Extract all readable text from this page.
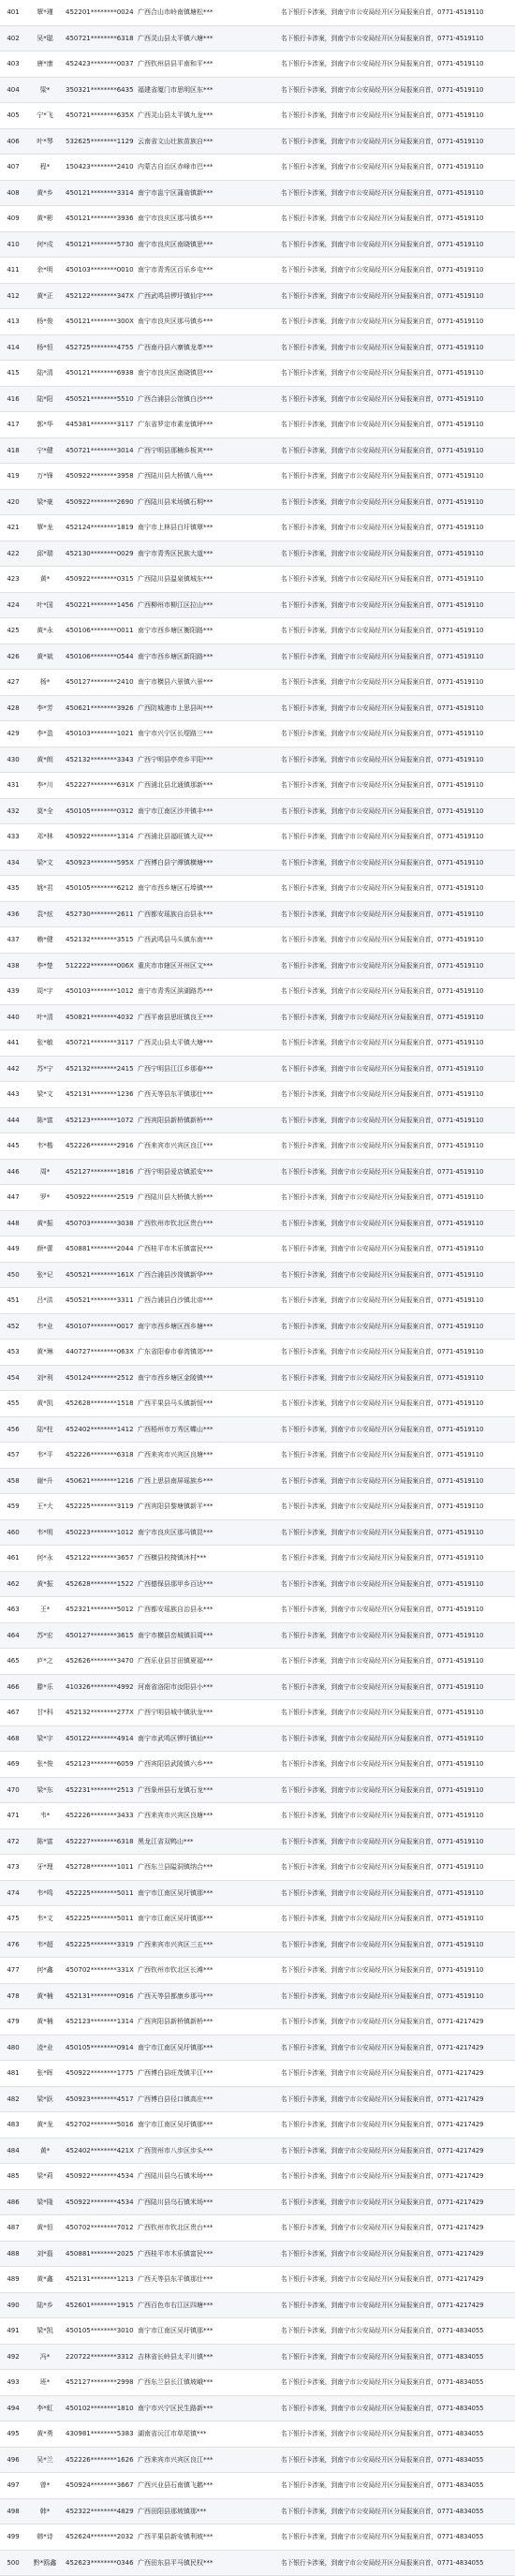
401	覃*瑾	452201********0024	广西合山市岭南镇塘松***	名下银行卡涉案，到南宁市公安局经开区分局报案自首，0771-4519110
402	吴*聪	450721********6318	广西灵山县太平镇六塘***	名下银行卡涉案，到南宁市公安局经开区分局报案自首，0771-4519110
403	唐*康	452423********0037	广西钦州县县平南和平***	名下银行卡涉案，到南宁市公安局经开区分局报案自首，0771-4519110
404	梁*	350321********6435	福建省厦门市思明区东***	名下银行卡涉案，到南宁市公安局经开区分局报案自首，0771-4519110
405	宁*飞	450721********635X	广西灵山县太平镇九龙***	名下银行卡涉案，到南宁市公安局经开区分局报案自首，0771-4519110
406	叶*琴	532625********1129	云南省文山壮族苗族自***	名下银行卡涉案，到南宁市公安局经开区分局报案自首，0771-4519110
407	程*	150423********2410	内蒙古自治区赤峰市巴***	名下银行卡涉案，到南宁市公安局经开区分局报案自首，0771-4519110
408	黄*乡	450121********3314	南宁市邕宁区蒲庙镇新***	名下银行卡涉案，到南宁市公安局经开区分局报案自首，0771-4519110
409	黄*彬	450121********3936	南宁市良庆区那马镇乡***	名下银行卡涉案，到南宁市公安局经开区分局报案自首，0771-4519110
410	何*戍	450121********5730	南宁市良庆区南晓镇思***	名下银行卡涉案，到南宁市公安局经开区分局报案自首，0771-4519110
411	余*明	450103********0010	南宁市青秀区百乐乡屯***	名下银行卡涉案，到南宁市公安局经开区分局报案自首，0771-4519110
412	黄*正	452122********347X	广西武鸣县锣圩镇仙宇***	名下银行卡涉案，到南宁市公安局经开区分局报案自首，0771-4519110
413	杨*俊	450121********300X	南宁市良庆区那马镇乡***	名下银行卡涉案，到南宁市公安局经开区分局报案自首，0771-4519110
414	杨*恒	452725********4755	广西南丹县六寨镇龙革***	名下银行卡涉案，到南宁市公安局经开区分局报案自首，0771-4519110
415	陆*清	450121********6938	南宁市良庆区南晓镇邑***	名下银行卡涉案，到南宁市公安局经开区分局报案自首，0771-4519110
416	陆*阳	450521********5510	广西合浦县公馆镇白沙***	名下银行卡涉案，到南宁市公安局经开区分局报案自首，0771-4519110
417	郭*华	445381********3117	广东省罗定市素龙镇坪***	名下银行卡涉案，到南宁市公安局经开区分局报案自首，0771-4519110
418	宁*健	450721********3014	广西宁明县那楠乡板其***	名下银行卡涉案，到南宁市公安局经开区分局报案自首，0771-4519110
419	万*锋	450922********3958	广西陆川县大桥镇八角***	名下银行卡涉案，到南宁市公安局经开区分局报案自首，0771-4519110
420	梁*豪	450922********2690	广西陆川县米场镇石垌***	名下银行卡涉案，到南宁市公安局经开区分局报案自首，0771-4519110
421	覃*龙	452124********1819	南宁市上林县白圩镇覃***	名下银行卡涉案，到南宁市公安局经开区分局报案自首，0771-4519110
422	邱*瑞	452130********0029	南宁市青秀区民族大道***	名下银行卡涉案，到南宁市公安局经开区分局报案自首，0771-4519110
423	黄*	450922********0315	广西陆川县温泉镇城东***	名下银行卡涉案，到南宁市公安局经开区分局报案自首，0771-4519110
424	叶*国	450221********1456	广西柳州市柳江区拉山***	名下银行卡涉案，到南宁市公安局经开区分局报案自首，0771-4519110
425	黄*永	450106********0011	南宁市西乡塘区衡阳路***	名下银行卡涉案，到南宁市公安局经开区分局报案自首，0771-4519110
426	黄*斌	450106********0544	南宁市西乡塘区新阳路***	名下银行卡涉案，到南宁市公安局经开区分局报案自首，0771-4519110
427	杨*	450127********2410	南宁市横县六景镇六景***	名下银行卡涉案，到南宁市公安局经开区分局报案自首，0771-4519110
428	李*芳	450621********3926	广西防城港市上思县叫***	名下银行卡涉案，到南宁市公安局经开区分局报案自首，0771-4519110
429	李*盈	450103********1021	南宁市兴宁区长堽路三***	名下银行卡涉案，到南宁市公安局经开区分局报案自首，0771-4519110
430	黄*朗	452132********3343	广西宁明县亭亮乡平阳***	名下银行卡涉案，到南宁市公安局经开区分局报案自首，0771-4519110
431	李*川	452227********631X	广西浦北县北通镇那新***	名下银行卡涉案，到南宁市公安局经开区分局报案自首，0771-4519110
432	莫*全	450105********0312	南宁市江南区沙井镇丰***	名下银行卡涉案，到南宁市公安局经开区分局报案自首，0771-4519110
433	邓*林	450922********1314	广西浦北县福旺镇大双***	名下银行卡涉案，到南宁市公安局经开区分局报案自首，0771-4519110
434	梁*文	450923********595X	广西博白县宁潭镇横塘***	名下银行卡涉案，到南宁市公安局经开区分局报案自首，0771-4519110
435	姚*君	450105********6212	南宁市西乡塘区石埠镇***	名下银行卡涉案，到南宁市公安局经开区分局报案自首，0771-4519110
436	袁*炫	452730********2611	广西都安瑶族自治县永***	名下银行卡涉案，到南宁市公安局经开区分局报案自首，0771-4519110
437	赖*健	452132********3515	广西武鸣县马头镇东南***	名下银行卡涉案，到南宁市公安局经开区分局报案自首，0771-4519110
438	李*楚	512222********006X	重庆市市辖区开州区文***	名下银行卡涉案，到南宁市公安局经开区分局报案自首，0771-4519110
439	周*宇	450103********1012	南宁市青秀区滨湖路苏***	名下银行卡涉案，到南宁市公安局经开区分局报案自首，0771-4519110
440	叶*清	450821********4032	广西平南县思旺镇良王***	名下银行卡涉案，到南宁市公安局经开区分局报案自首，0771-4519110
441	张*敏	450721********3117	广西灵山县太平镇大塘***	名下银行卡涉案，到南宁市公安局经开区分局报案自首，0771-4519110
442	苏*宁	452132********2415	广西宁明县江江乡那春***	名下银行卡涉案，到南宁市公安局经开区分局报案自首，0771-4519110
443	梁*文	452131********1236	广西天等县东平镇那仕***	名下银行卡涉案，到南宁市公安局经开区分局报案自首，0771-4519110
444	陈*富	452123********1072	广西宾阳县新桥镇新桥***	名下银行卡涉案，到南宁市公安局经开区分局报案自首，0771-4519110
445	韦*楷	452226********2916	广西来宾市兴宾区良江***	名下银行卡涉案，到南宁市公安局经开区分局报案自首，0771-4519110
446	周*	452127********1816	广西宁明县爱店镇派安***	名下银行卡涉案，到南宁市公安局经开区分局报案自首，0771-4519110
447	罗*	450922********2519	广西陆川县大桥镇大桥***	名下银行卡涉案，到南宁市公安局经开区分局报案自首，0771-4519110
448	黄*振	450703********3038	广西钦州市钦北区贵台***	名下银行卡涉案，到南宁市公安局经开区分局报案自首，0771-4519110
449	颜*蕾	450881********2044	广西桂平市木乐镇富民***	名下银行卡涉案，到南宁市公安局经开区分局报案自首，0771-4519110
450	张*记	450521********161X	广西合浦县沙岗镇新华***	名下银行卡涉案，到南宁市公安局经开区分局报案自首，0771-4519110
451	吕*洪	450521********3311	广西合浦县白沙镇北帝***	名下银行卡涉案，到南宁市公安局经开区分局报案自首，0771-4519110
452	韦*业	450107********0017	南宁市西乡塘区西乡塘***	名下银行卡涉案，到南宁市公安局经开区分局报案自首，0771-4519110
453	黄*琳	440727********063X	广东省阳春市春湾镇郊***	名下银行卡涉案，到南宁市公安局经开区分局报案自首，0771-4519110
454	刘*利	450124********2512	南宁市西乡塘区金陵镇***	名下银行卡涉案，到南宁市公安局经开区分局报案自首，0771-4519110
455	黄*凯	452628********1518	广西平果县马头镇新恒***	名下银行卡涉案，到南宁市公安局经开区分局报案自首，0771-4519110
456	陆*柱	452402********1412	广西梧州市万秀区蝶山***	名下银行卡涉案，到南宁市公安局经开区分局报案自首，0771-4519110
457	韦*平	452226********6318	广西来宾市兴宾区良塘***	名下银行卡涉案，到南宁市公安局经开区分局报案自首，0771-4519110
458	谢*升	450621********1216	广西上思县南屏瑶族乡***	名下银行卡涉案，到南宁市公安局经开区分局报案自首，0771-4519110
459	王*大	452225********3119	广西宾阳县黎塘镇新平***	名下银行卡涉案，到南宁市公安局经开区分局报案自首，0771-4519110
460	韦*明	450223********1012	南宁市良庆区那马镇昆***	名下银行卡涉案，到南宁市公安局经开区分局报案自首，0771-4519110
461	何*永	452122********3657	广西横县校椅镇沐村***	名下银行卡涉案，到南宁市公安局经开区分局报案自首，0771-4519110
462	黄*振	452628********1522	广西德保县那甲乡百达***	名下银行卡涉案，到南宁市公安局经开区分局报案自首，0771-4519110
463	王*	452321********5012	广西都安瑶族自治县永***	名下银行卡涉案，到南宁市公安局经开区分局报案自首，0771-4519110
464	苏*宏	450127********3615	南宁市横县峦城镇旧周***	名下银行卡涉案，到南宁市公安局经开区分局报案自首，0771-4519110
465	庐*之	452626********3470	广西乐业县甘田镇夏福***	名下银行卡涉案，到南宁市公安局经开区分局报案自首，0771-4519110
466	滕*乐	410326********4992	河南省洛阳市汝阳县小***	名下银行卡涉案，到南宁市公安局经开区分局报案自首，0771-4519110
467	甘*科	452132********277X	广西宁明县城中镇驮龙***	名下银行卡涉案，到南宁市公安局经开区分局报案自首，0771-4519110
468	梁*宇	450122********4914	南宁市武鸣区锣圩镇仙***	名下银行卡涉案，到南宁市公安局经开区分局报案自首，0771-4519110
469	张*俊	452123********6059	广西宾阳县武陵镇六乡***	名下银行卡涉案，到南宁市公安局经开区分局报案自首，0771-4519110
470	梁*东	452231********2513	广西象州县石龙镇石龙***	名下银行卡涉案，到南宁市公安局经开区分局报案自首，0771-4519110
471	韦*	452226********3433	广西来宾市兴宾区良塘***	名下银行卡涉案，到南宁市公安局经开区分局报案自首，0771-4519110
472	陈*富	452227********6318	黑龙江省双鸭山***	名下银行卡涉案，到南宁市公安局经开区分局报案自首，0771-4519110
473	牙*理	452728********1011	广西东兰县隘洞镇纳合***	名下银行卡涉案，到南宁市公安局经开区分局报案自首，0771-4519110
474	韦*鸣	452225********5011	南宁市江南区吴圩镇那***	名下银行卡涉案，到南宁市公安局经开区分局报案自首，0771-4519110
475	韦*文	452225********5011	南宁市江南区吴圩镇那***	名下银行卡涉案，到南宁市公安局经开区分局报案自首，0771-4519110
476	韦*超	452225********3319	广西来宾市兴宾区三五***	名下银行卡涉案，到南宁市公安局经开区分局报案自首，0771-4519110
477	何*鑫	450702********331X	广西钦州市钦北区长滩***	名下银行卡涉案，到南宁市公安局经开区分局报案自首，0771-4519110
478	黄*楠	452131********0916	广西天等县都康乡那马***	名下银行卡涉案，到南宁市公安局经开区分局报案自首，0771-4519110
479	黄*楠	452123********1314	广西宾阳县新桥镇新桥***	名下银行卡涉案，到南宁市公安局经开区分局报案自首，0771-4217429
480	凌*业	450105********0914	南宁市江南区吴圩镇那***	名下银行卡涉案，到南宁市公安局经开区分局报案自首，0771-4217429
481	张*晖	450922********1775	广西博白县旺茂镇平江***	名下银行卡涉案，到南宁市公安局经开区分局报案自首，0771-4217429
482	梁*跃	450923********4517	广西博白县径口镇高庄***	名下银行卡涉案，到南宁市公安局经开区分局报案自首，0771-4217429
483	黄*龙	452702********5016	南宁市江南区吴圩镇那***	名下银行卡涉案，到南宁市公安局经开区分局报案自首，0771-4217429
484	黄*	452402********421X	广西贺州市八步区步头***	名下银行卡涉案，到南宁市公安局经开区分局报案自首，0771-4217429
485	梁*莉	450922********4534	广西陆川县乌石镇米场***	名下银行卡涉案，到南宁市公安局经开区分局报案自首，0771-4217429
486	梁*隆	450922********4534	广西陆川县乌石镇米场***	名下银行卡涉案，到南宁市公安局经开区分局报案自首，0771-4217429
487	黄*恒	450702********7012	广西钦州市钦北区贵台***	名下银行卡涉案，到南宁市公安局经开区分局报案自首，0771-4217429
488	刘*磊	450881********2025	广西桂平市木乐镇富民***	名下银行卡涉案，到南宁市公安局经开区分局报案自首，0771-4217429
489	黄*鑫	452131********1213	广西天等县东平镇那仕***	名下银行卡涉案，到南宁市公安局经开区分局报案自首，0771-4217429
490	陆*乡	452601********1915	广西百色市右江区四塘***	名下银行卡涉案，到南宁市公安局经开区分局报案自首，0771-4217429
491	梁*凯	450105********3010	南宁市江南区吴圩镇那***	名下银行卡涉案，到南宁市公安局经开区分局报案自首，0771-4834055
492	冯*	220722********3312	吉林省长岭县太平川镇***	名下银行卡涉案，到南宁市公安局经开区分局报案自首，0771-4834055
493	班*	452127********2998	广西东兰县长江镇坡峨***	名下银行卡涉案，到南宁市公安局经开区分局报案自首，0771-4834055
494	李*虹	450102********1810	南宁市兴宁区民生路新***	名下银行卡涉案，到南宁市公安局经开区分局报案自首，0771-4834055
495	黄*勇	430981********5383	湖南省沅江市草尾镇***	名下银行卡涉案，到南宁市公安局经开区分局报案自首，0771-4834055
496	吴*兰	452226********1626	广西来宾市兴宾区良江***	名下银行卡涉案，到南宁市公安局经开区分局报案自首，0771-4834055
497	曾*	450924********3667	广西兴业县石南镇飞鹅***	名下银行卡涉案，到南宁市公安局经开区分局报案自首，0771-4834055
498	韩*	452322********4829	广西田阳县那坡镇那***	名下银行卡涉案，到南宁市公安局经开区分局报案自首，0771-4834055
499	韩*诗	452624********2032	广西平果县新安镇利坡***	名下银行卡涉案，到南宁市公安局经开区分局报案自首，0771-4834055
500	黔*鸥鑫	452623********0346	广西田东县平马镇民权***	名下银行卡涉案，到南宁市公安局经开区分局报案自首，0771-4834055
